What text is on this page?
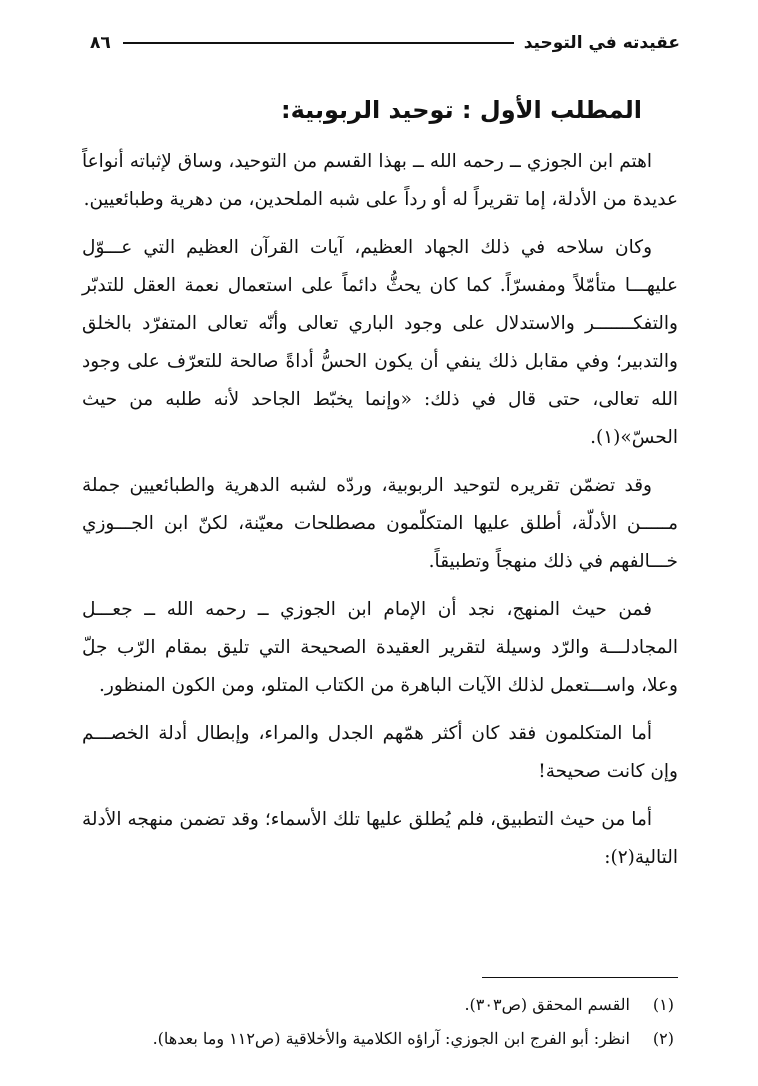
عقيدته في التوحيد
٨٦
المطلب الأول : توحيد الربوبية:

اهتم ابن الجوزي ــ رحمه الله ــ بهذا القسم من التوحيد، وساق لإثباته أنواعاً عديدة من الأدلة، إما تقريراً له أو رداً على شبه الملحدين، من دهرية وطبائعيين.

وكان سلاحه في ذلك الجهاد العظيم، آيات القرآن العظيم التي عـــوّل عليهـــا متأمّلاً ومفسرّاً. كما كان يحثُّ دائماً على استعمال نعمة العقل للتدبّر والتفكـــــــر والاستدلال على وجود الباري تعالى وأنّه تعالى المتفرّد بالخلق والتدبير؛ وفي مقابل ذلك ينفي أن يكون الحسُّ أداةً صالحة للتعرّف على وجود الله تعالى، حتى قال في ذلك: «وإنما يخبّط الجاحد لأنه طلبه من حيث الحسّ»(١).

وقد تضمّن تقريره لتوحيد الربوبية، وردّه لشبه الدهرية والطبائعيين جملة مـــــن الأدلّة، أطلق عليها المتكلّمون مصطلحات معيّنة، لكنّ ابن الجـــوزي خـــالفهم في ذلك منهجاً وتطبيقاً.

فمن حيث المنهج، نجد أن الإمام ابن الجوزي ــ رحمه الله ــ جعـــل المجادلـــة والرّد وسيلة لتقرير العقيدة الصحيحة التي تليق بمقام الرّب جلّ وعلا، واســـتعمل لذلك الآيات الباهرة من الكتاب المتلو، ومن الكون المنظور.

أما المتكلمون فقد كان أكثر همّهم الجدل والمراء، وإبطال أدلة الخصـــم وإن كانت صحيحة!

أما من حيث التطبيق، فلم يُطلق عليها تلك الأسماء؛ وقد تضمن منهجه الأدلة التالية(٢):

(١)
القسم المحقق (ص٣٠٣).
(٢)
انظر: أبو الفرج ابن الجوزي: آراؤه الكلامية والأخلاقية (ص١١٢ وما بعدها).
